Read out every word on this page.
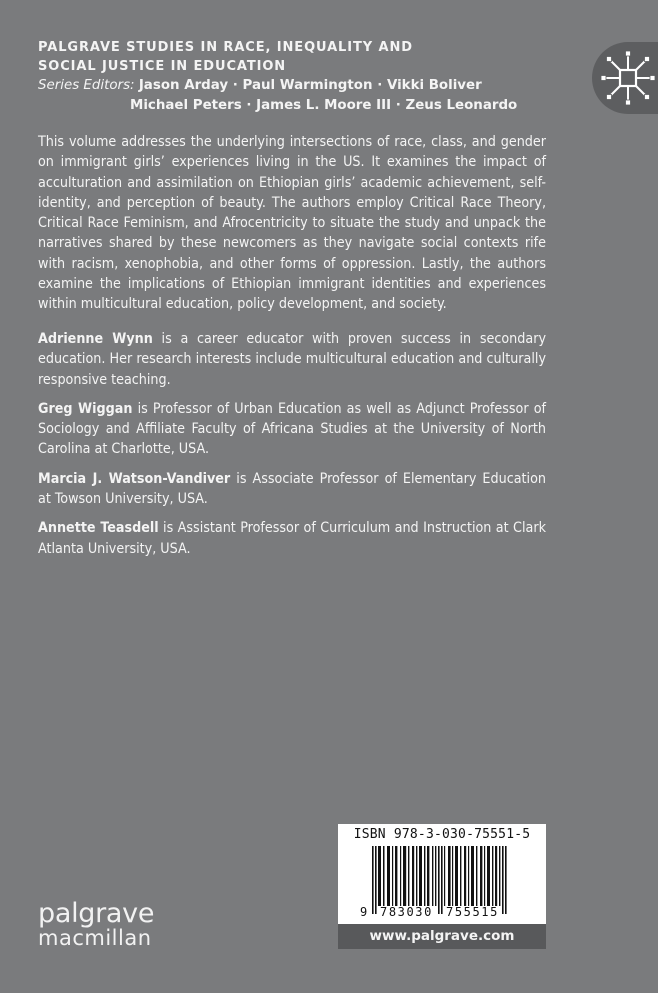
PALGRAVE STUDIES IN RACE, INEQUALITY AND
SOCIAL JUSTICE IN EDUCATION
Series Editors: Jason Arday · Paul Warmington · Vikki Boliver
Michael Peters · James L. Moore III · Zeus Leonardo
This volume addresses the underlying intersections of race, class, and gender on immigrant girls’ experiences living in the US. It examines the impact of acculturation and assimilation on Ethiopian girls’ academic achievement, self-identity, and perception of beauty. The authors employ Critical Race Theory, Critical Race Feminism, and Afrocentricity to situate the study and unpack the narratives shared by these newcomers as they navigate social contexts rife with racism, xenophobia, and other forms of oppression. Lastly, the authors examine the implications of Ethiopian immigrant identities and experiences within multicultural education, policy development, and society.

Adrienne Wynn is a career educator with proven success in secondary education. Her research interests include multicultural education and culturally responsive teaching.

Greg Wiggan is Professor of Urban Education as well as Adjunct Professor of Sociology and Affiliate Faculty of Africana Studies at the University of North Carolina at Charlotte, USA.

Marcia J. Watson-Vandiver is Associate Professor of Elementary Education at Towson University, USA.

Annette Teasdell is Assistant Professor of Curriculum and Instruction at Clark Atlanta University, USA.

palgrave
macmillan
ISBN 978-3-030-75551-5
9 783030 755515
www.palgrave.com
